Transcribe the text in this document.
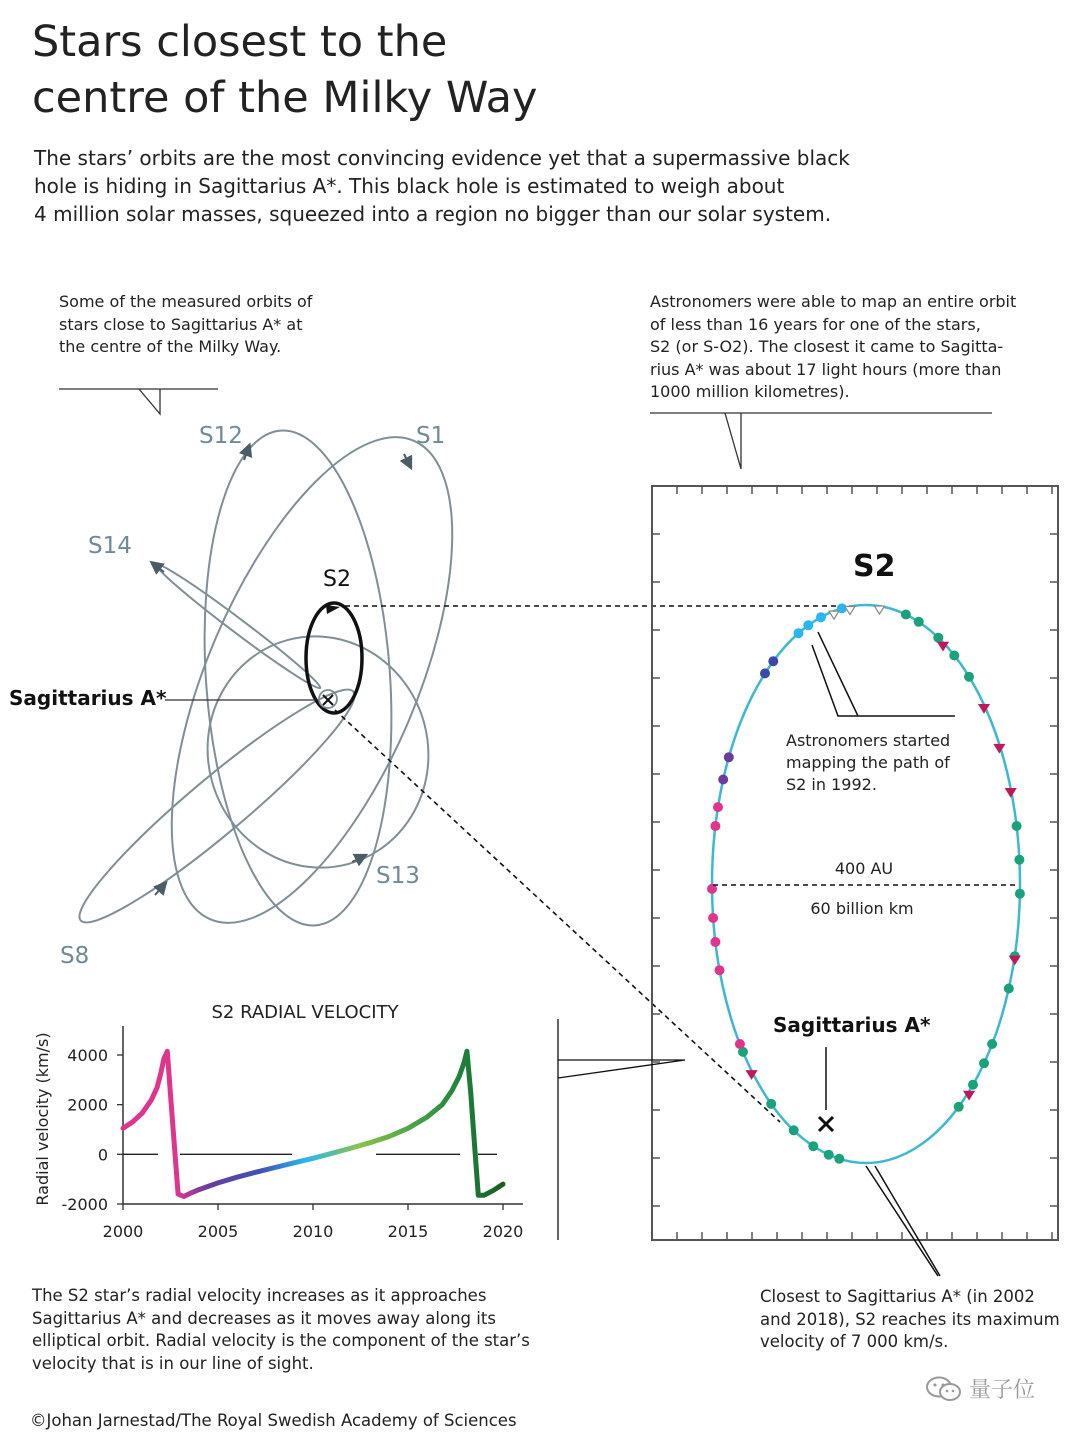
Stars closest to the
centre of the Milky Way
The stars’ orbits are the most convincing evidence yet that a supermassive black
hole is hiding in Sagittarius A*. This black hole is estimated to weigh about
4 million solar masses, squeezed into a region no bigger than our solar system.
Some of the measured orbits of
stars close to Sagittarius A* at
the centre of the Milky Way.
Astronomers were able to map an entire orbit
of less than 16 years for one of the stars,
S2 (or S-O2). The closest it came to Sagitta-
rius A* was about 17 light hours (more than
1000 million kilometres).
The S2 star’s radial velocity increases as it approaches
Sagittarius A* and decreases as it moves away along its
elliptical orbit. Radial velocity is the component of the star’s
velocity that is in our line of sight.
Closest to Sagittarius A* (in 2002
and 2018), S2 reaches its maximum
velocity of 7 000 km/s.
S12	S1
S14
S13
S8
S2
Sagittarius A*
S2
400 AU
60 billion km
Astronomers started mapping the path of S2 in 1992.
Sagittarius A*
S2 RADIAL VELOCITY
Radial velocity (km/s)
2000	2005	2010	2015	2020
-2000
0
2000
4000
©Johan Jarnestad/The Royal Swedish Academy of Sciences
量子位
